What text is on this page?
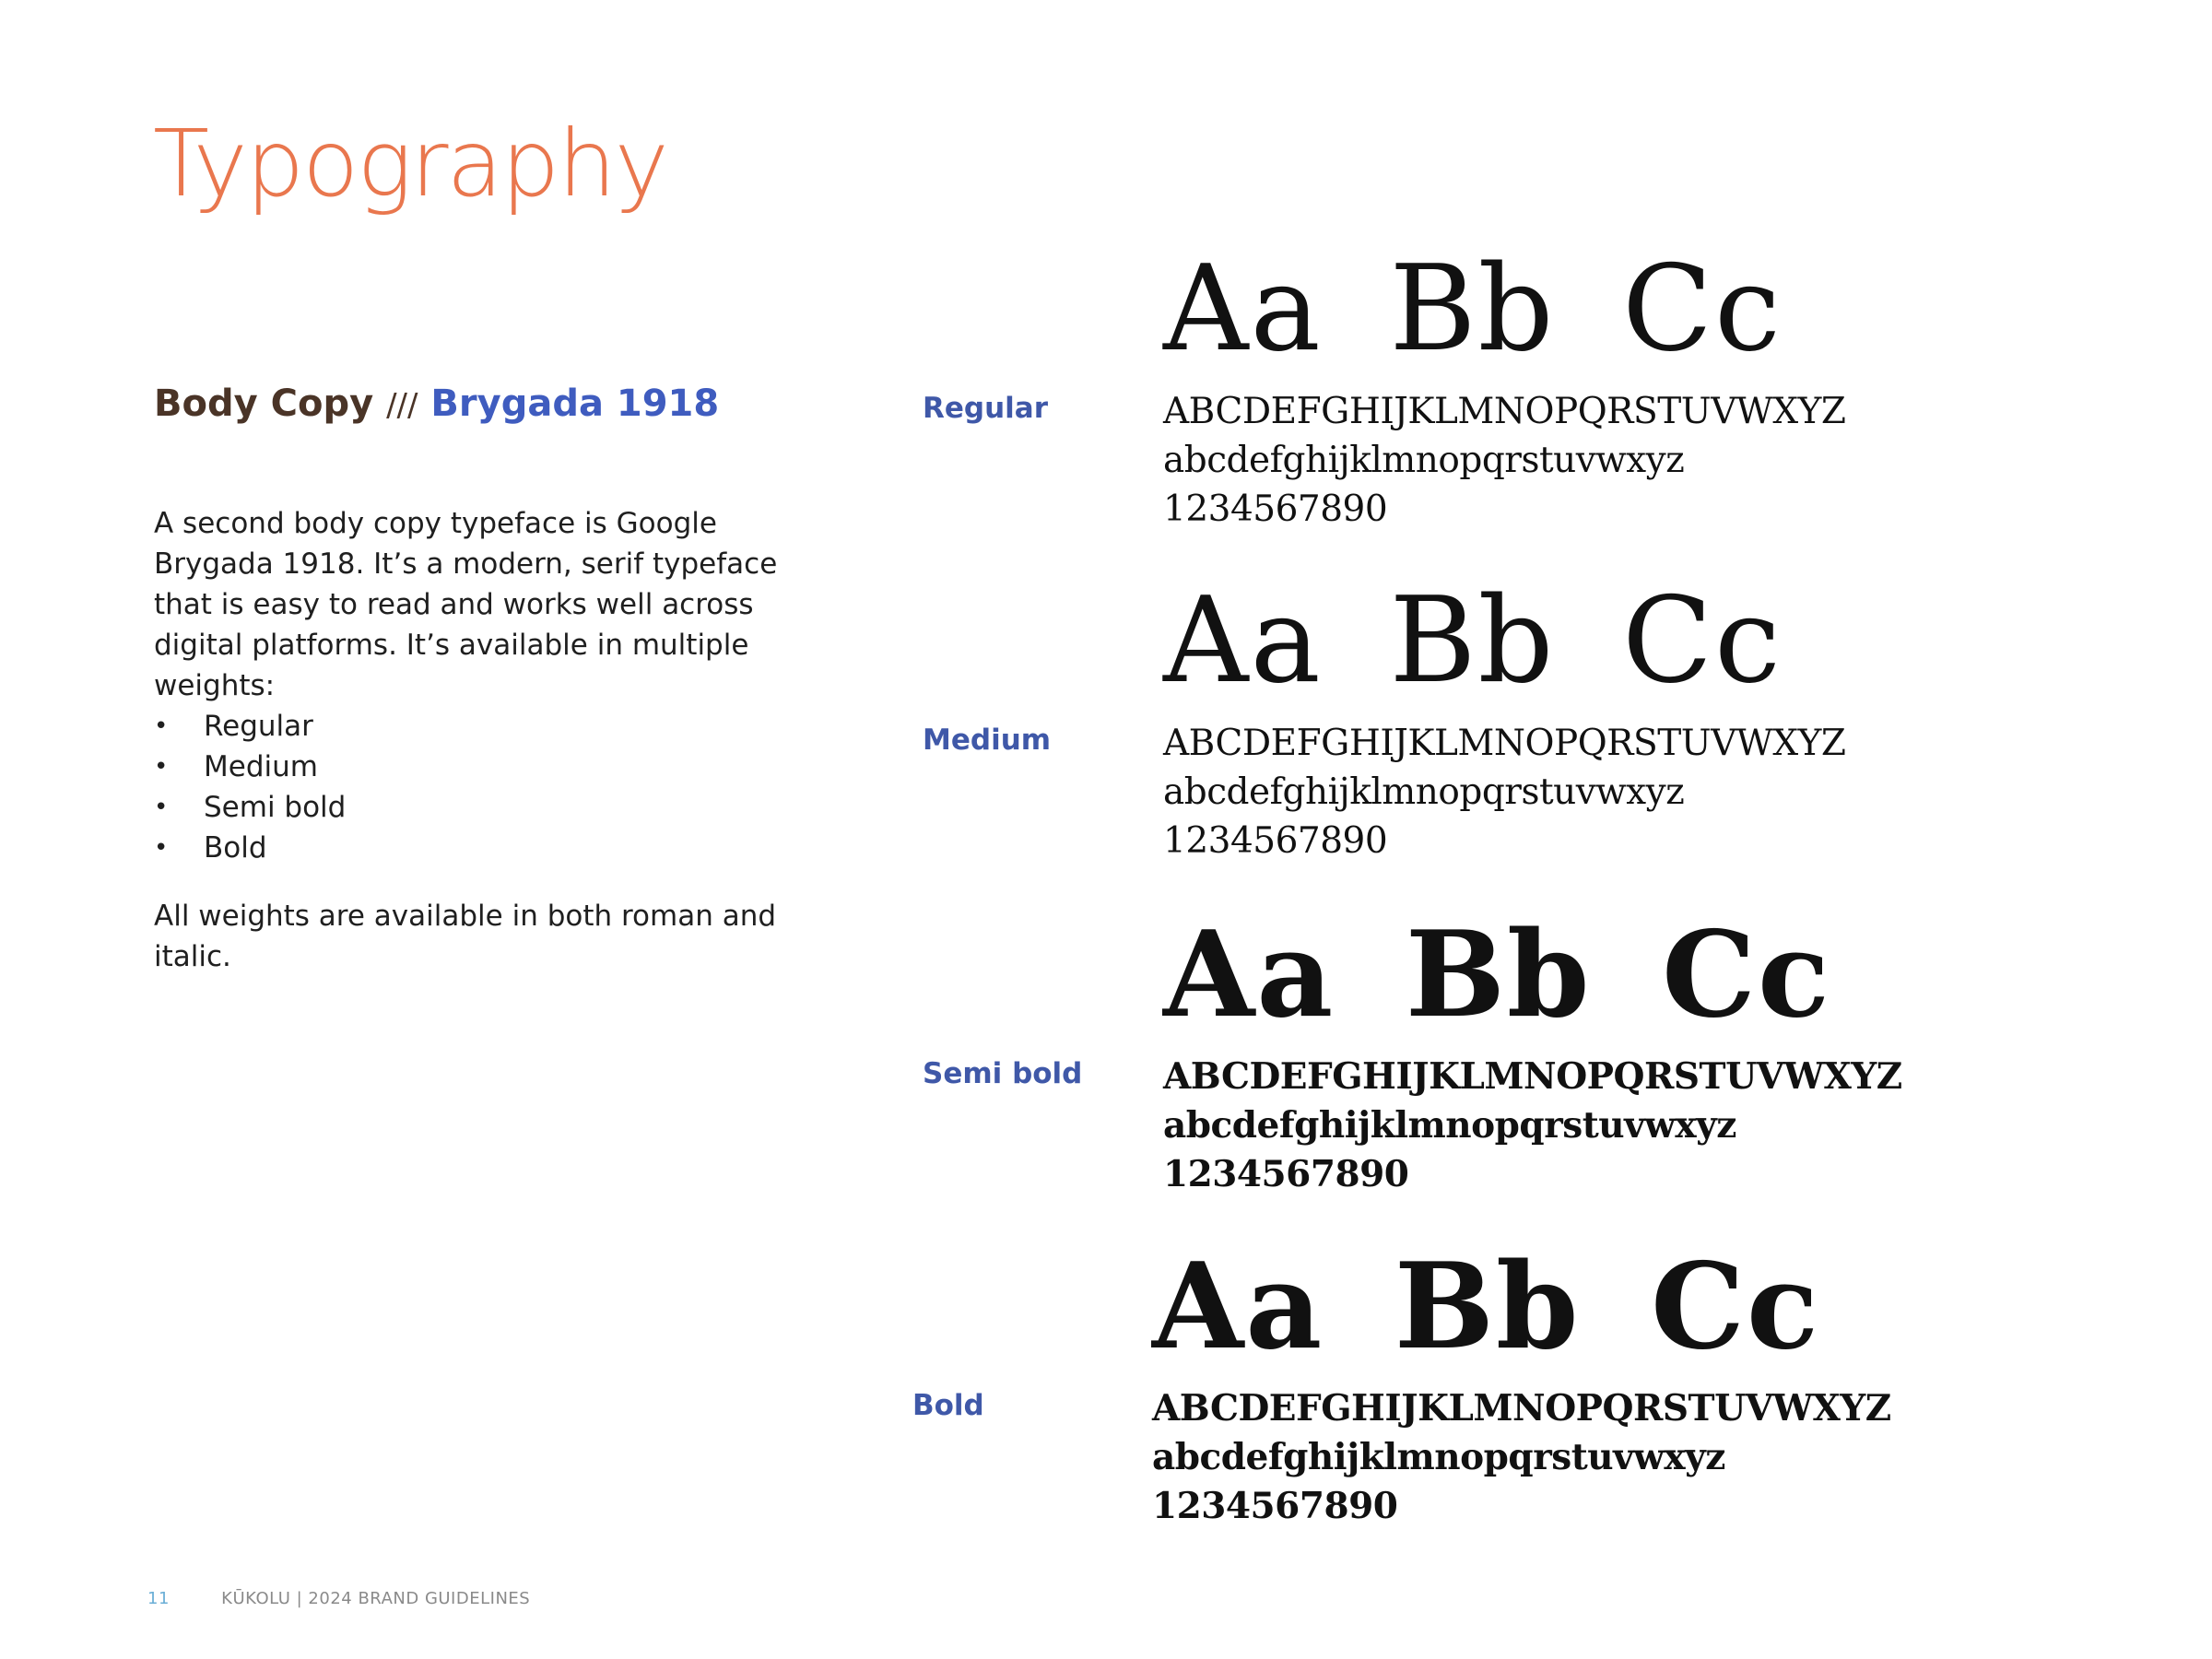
Typography
Body Copy /// Brygada 1918

A second body copy typeface is Google Brygada 1918. It’s a modern, serif typeface that is easy to read and works well across digital platforms. It’s available in multiple weights:

• Regular
• Medium
• Semi bold
• Bold

All weights are available in both roman and italic.

Regular
Aa Bb Cc
ABCDEFGHIJKLMNOPQRSTUVWXYZ
abcdefghijklmnopqrstuvwxyz
1234567890
Medium
Aa Bb Cc
ABCDEFGHIJKLMNOPQRSTUVWXYZ
abcdefghijklmnopqrstuvwxyz
1234567890
Semi bold
Aa Bb Cc
ABCDEFGHIJKLMNOPQRSTUVWXYZ
abcdefghijklmnopqrstuvwxyz
1234567890
Bold
Aa Bb Cc
ABCDEFGHIJKLMNOPQRSTUVWXYZ
abcdefghijklmnopqrstuvwxyz
1234567890
11	KŪKOLU | 2024 BRAND GUIDELINES
